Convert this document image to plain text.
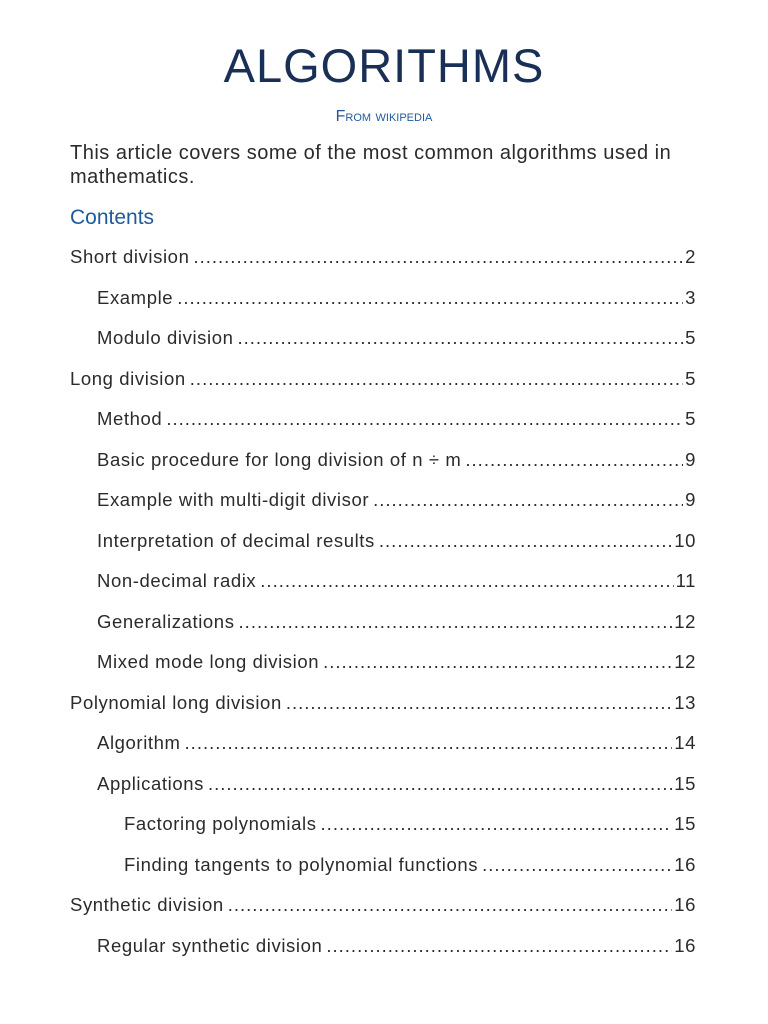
ALGORITHMS
From wikipedia
This article covers some of the most common algorithms used in mathematics.
Contents
Short division .....	2
Example .....	3
Modulo division .....	5
Long division .....	5
Method .....	5
Basic procedure for long division of n ÷ m .....	9
Example with multi-digit divisor .....	9
Interpretation of decimal results .....	10
Non-decimal radix .....	11
Generalizations .....	12
Mixed mode long division .....	12
Polynomial long division .....	13
Algorithm .....	14
Applications .....	15
Factoring polynomials .....	15
Finding tangents to polynomial functions .....	16
Synthetic division .....	16
Regular synthetic division .....	16
